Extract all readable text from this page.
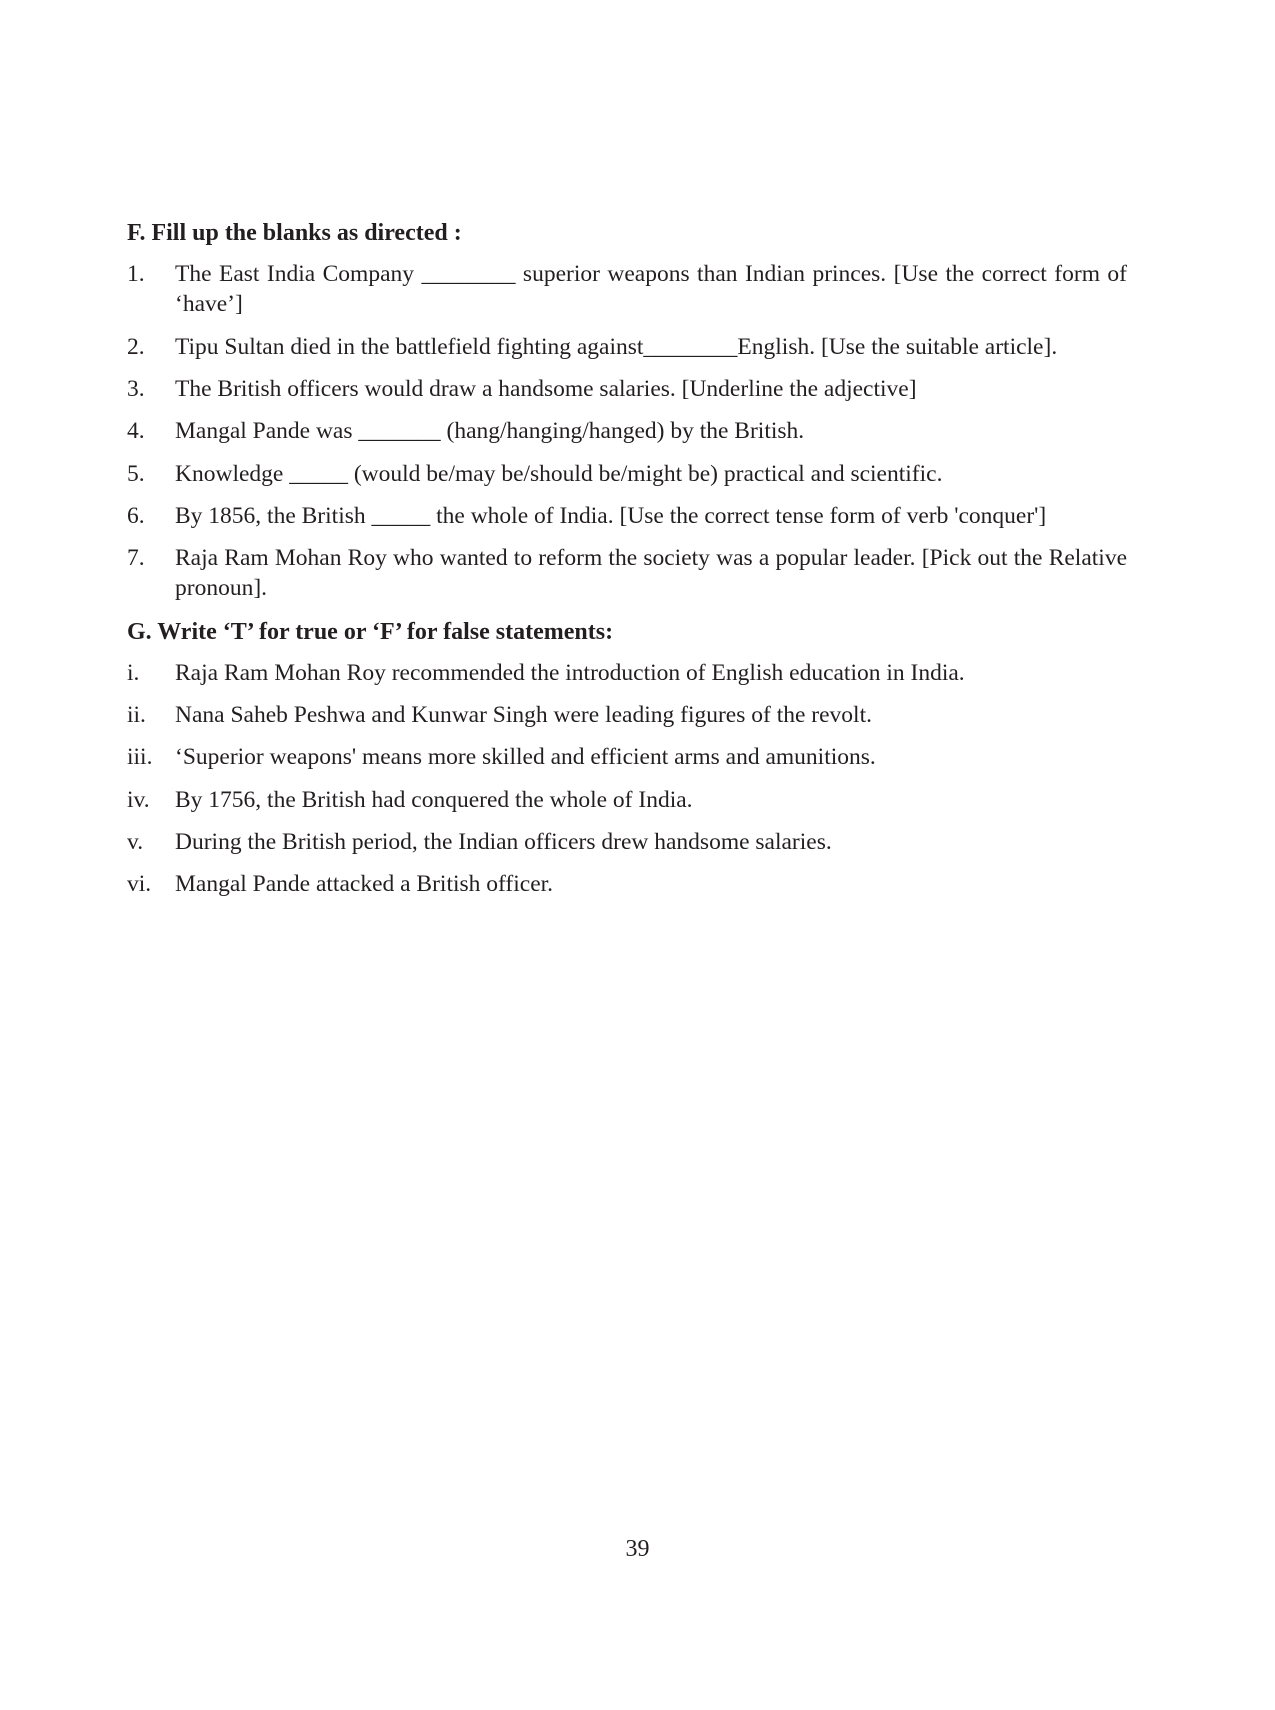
F. Fill up the blanks as directed :
1.	The East India Company ________ superior weapons than Indian princes. [Use the correct form of ‘have’]
2.	Tipu Sultan died in the battlefield fighting against________English. [Use the suitable article].
3.	The British officers would draw a handsome salaries. [Underline the adjective]
4.	Mangal Pande was _______ (hang/hanging/hanged) by the British.
5.	Knowledge _____ (would be/may be/should be/might be) practical and scientific.
6.	By 1856, the British _____ the whole of India. [Use the correct tense form of verb 'conquer']
7.	Raja Ram Mohan Roy who wanted to reform the society was a popular leader. [Pick out the Relative pronoun].
G. Write ‘T’ for true or ‘F’ for false statements:
i.	Raja Ram Mohan Roy recommended the introduction of English education in India.
ii.	Nana Saheb Peshwa and Kunwar Singh were leading figures of the revolt.
iii. ‘Superior weapons' means more skilled and efficient arms and amunitions.
iv.	By 1756, the British had conquered the whole of India.
v.	During the British period, the Indian officers drew handsome salaries.
vi.	Mangal Pande attacked a British officer.
39
